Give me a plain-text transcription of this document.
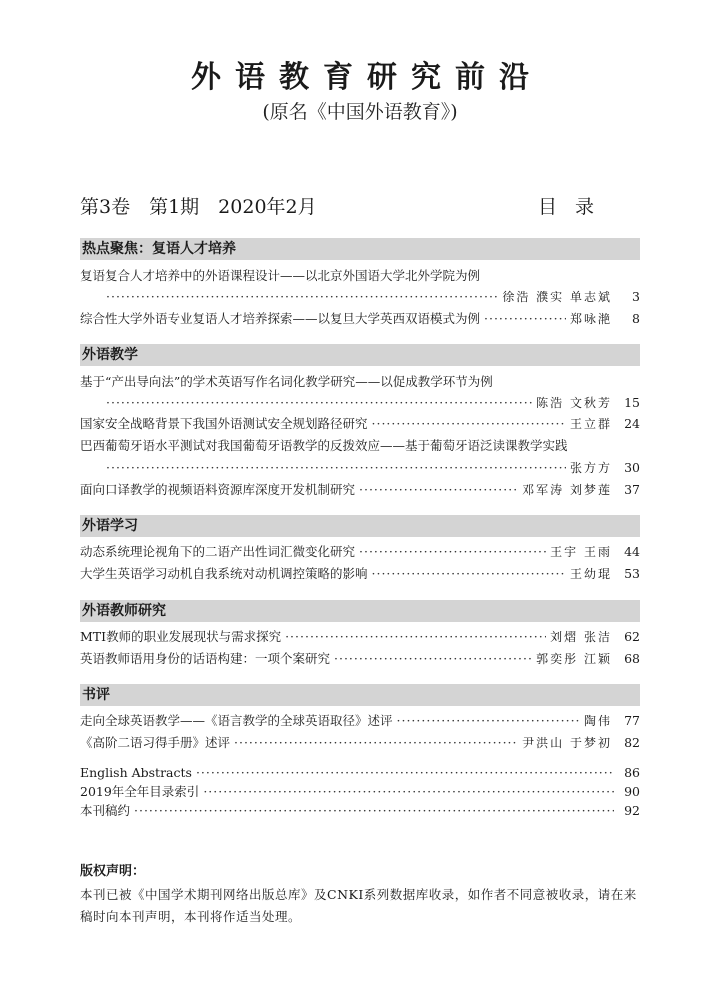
外语教育研究前沿
(原名《中国外语教育》)
第3卷　第1期　2020年2月	目录
热点聚焦：复语人才培养
复语复合人才培养中的外语课程设计——以北京外国语大学北外学院为例
·····
徐浩 濮实 单志斌	3
综合性大学外语专业复语人才培养探索——以复旦大学英西双语模式为例 ·····	郑咏滟	8
外语教学
基于“产出导向法”的学术英语写作名词化教学研究——以促成教学环节为例
·····
陈浩 文秋芳 15
国家安全战略背景下我国外语测试安全规划路径研究 ·····	王立群 24
巴西葡萄牙语水平测试对我国葡萄牙语教学的反拨效应——基于葡萄牙语泛读课教学实践
·····
张方方 30
面向口译教学的视频语料资源库深度开发机制研究 ·····	邓军涛 刘梦莲 37
外语学习
动态系统理论视角下的二语产出性词汇微变化研究 ·····	王宇 王雨 44
大学生英语学习动机自我系统对动机调控策略的影响 ·····	王幼琨 53
外语教师研究
MTI教师的职业发展现状与需求探究 ·····	刘熠 张洁 62
英语教师语用身份的话语构建：一项个案研究 ·····	郭奕彤 江颖 68
书评
走向全球英语教学——《语言教学的全球英语取径》述评 ·····	陶伟 77
《高阶二语习得手册》述评 ·····	尹洪山 于梦初 82
English Abstracts ·····	86
2019年全年目录索引 ·····	90
本刊稿约 ·····	92
版权声明：
本刊已被《中国学术期刊网络出版总库》及CNKI系列数据库收录，如作者不同意被收录，请在来稿时向本刊声明，本刊将作适当处理。
